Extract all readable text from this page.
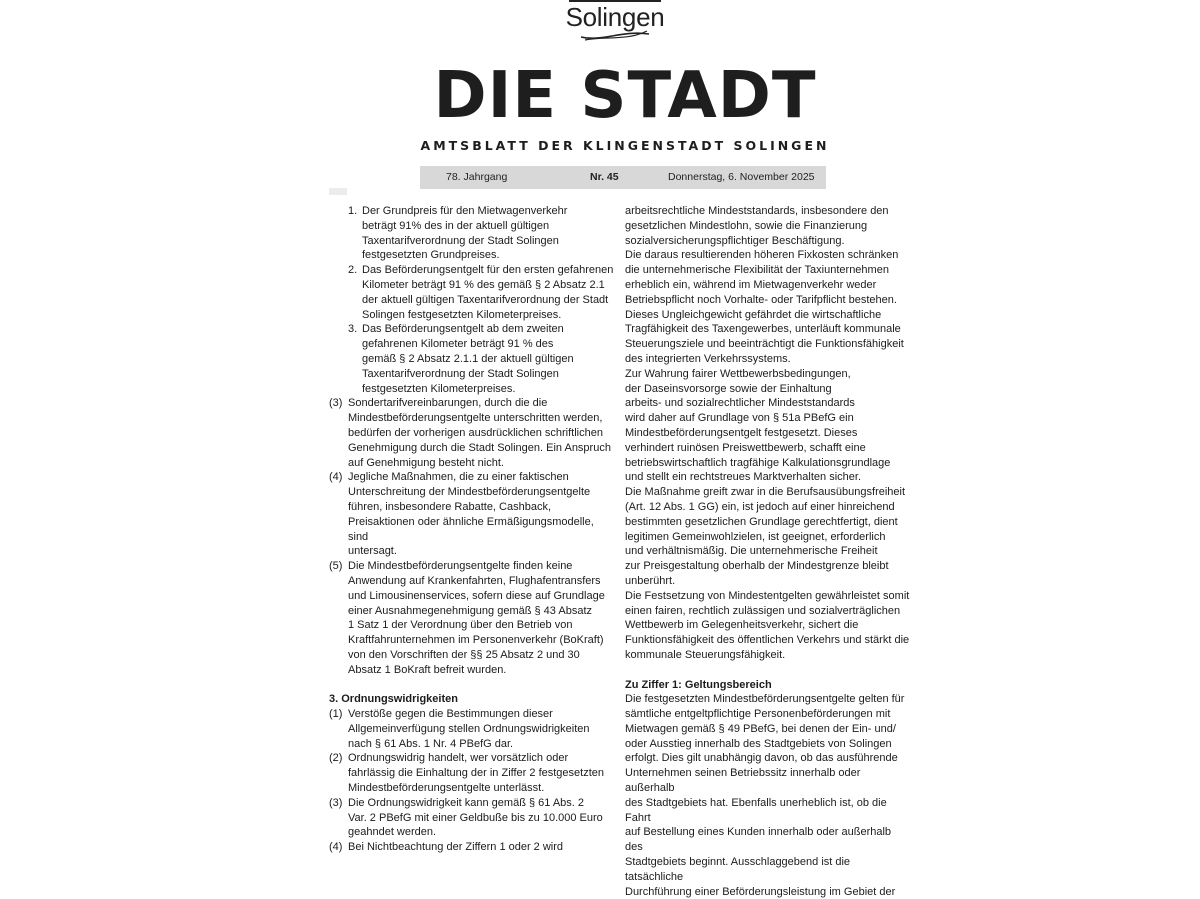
Solingen
DIE STADT
AMTSBLATT DER KLINGENSTADT SOLINGEN
78. Jahrgang	Nr. 45	Donnerstag, 6. November 2025
1. Der Grundpreis für den Mietwagenverkehr
beträgt 91% des in der aktuell gültigen
Taxentarifverordnung der Stadt Solingen
festgesetzten Grundpreises.
2. Das Beförderungsentgelt für den ersten gefahrenen
Kilometer beträgt 91 % des gemäß § 2 Absatz 2.1
der aktuell gültigen Taxentarifverordnung der Stadt
Solingen festgesetzten Kilometerpreises.
3. Das Beförderungsentgelt ab dem zweiten
gefahrenen Kilometer beträgt 91 % des
gemäß § 2 Absatz 2.1.1 der aktuell gültigen
Taxentarifverordnung der Stadt Solingen
festgesetzten Kilometerpreises.
(3) Sondertarifvereinbarungen, durch die die
Mindestbeförderungsentgelte unterschritten werden,
bedürfen der vorherigen ausdrücklichen schriftlichen
Genehmigung durch die Stadt Solingen. Ein Anspruch
auf Genehmigung besteht nicht.
(4) Jegliche Maßnahmen, die zu einer faktischen
Unterschreitung der Mindestbeförderungsentgelte
führen, insbesondere Rabatte, Cashback,
Preisaktionen oder ähnliche Ermäßigungsmodelle, sind
untersagt.
(5) Die Mindestbeförderungsentgelte finden keine
Anwendung auf Krankenfahrten, Flughafentransfers
und Limousinenservices, sofern diese auf Grundlage
einer Ausnahmegenehmigung gemäß § 43 Absatz
1 Satz 1 der Verordnung über den Betrieb von
Kraftfahrunternehmen im Personenverkehr (BoKraft)
von den Vorschriften der §§ 25 Absatz 2 und 30
Absatz 1 BoKraft befreit wurden.
3. Ordnungswidrigkeiten
(1) Verstöße gegen die Bestimmungen dieser
Allgemeinverfügung stellen Ordnungswidrigkeiten
nach § 61 Abs. 1 Nr. 4 PBefG dar.
(2) Ordnungswidrig handelt, wer vorsätzlich oder
fahrlässig die Einhaltung der in Ziffer 2 festgesetzten
Mindestbeförderungsentgelte unterlässt.
(3) Die Ordnungswidrigkeit kann gemäß § 61 Abs. 2
Var. 2 PBefG mit einer Geldbuße bis zu 10.000 Euro
geahndet werden.
(4) Bei Nichtbeachtung der Ziffern 1 oder 2 wird
arbeitsrechtliche Mindeststandards, insbesondere den
gesetzlichen Mindestlohn, sowie die Finanzierung
sozialversicherungspflichtiger Beschäftigung.
Die daraus resultierenden höheren Fixkosten schränken
die unternehmerische Flexibilität der Taxiunternehmen
erheblich ein, während im Mietwagenverkehr weder
Betriebspflicht noch Vorhalte- oder Tarifpflicht bestehen.
Dieses Ungleichgewicht gefährdet die wirtschaftliche
Tragfähigkeit des Taxengewerbes, unterläuft kommunale
Steuerungsziele und beeinträchtigt die Funktionsfähigkeit
des integrierten Verkehrssystems.
Zur Wahrung fairer Wettbewerbsbedingungen,
der Daseinsvorsorge sowie der Einhaltung
arbeits- und sozialrechtlicher Mindeststandards
wird daher auf Grundlage von § 51a PBefG ein
Mindestbeförderungsentgelt festgesetzt. Dieses
verhindert ruinösen Preiswettbewerb, schafft eine
betriebswirtschaftlich tragfähige Kalkulationsgrundlage
und stellt ein rechtstreues Marktverhalten sicher.
Die Maßnahme greift zwar in die Berufsausübungsfreiheit
(Art. 12 Abs. 1 GG) ein, ist jedoch auf einer hinreichend
bestimmten gesetzlichen Grundlage gerechtfertigt, dient
legitimen Gemeinwohlzielen, ist geeignet, erforderlich
und verhältnismäßig. Die unternehmerische Freiheit
zur Preisgestaltung oberhalb der Mindestgrenze bleibt
unberührt.
Die Festsetzung von Mindestentgelten gewährleistet somit
einen fairen, rechtlich zulässigen und sozialverträglichen
Wettbewerb im Gelegenheitsverkehr, sichert die
Funktionsfähigkeit des öffentlichen Verkehrs und stärkt die
kommunale Steuerungsfähigkeit.
Zu Ziffer 1: Geltungsbereich
Die festgesetzten Mindestbeförderungsentgelte gelten für
sämtliche entgeltpflichtige Personenbeförderungen mit
Mietwagen gemäß § 49 PBefG, bei denen der Ein- und/
oder Ausstieg innerhalb des Stadtgebiets von Solingen
erfolgt. Dies gilt unabhängig davon, ob das ausführende
Unternehmen seinen Betriebssitz innerhalb oder außerhalb
des Stadtgebiets hat. Ebenfalls unerheblich ist, ob die Fahrt
auf Bestellung eines Kunden innerhalb oder außerhalb des
Stadtgebiets beginnt. Ausschlaggebend ist die tatsächliche
Durchführung einer Beförderungsleistung im Gebiet der
